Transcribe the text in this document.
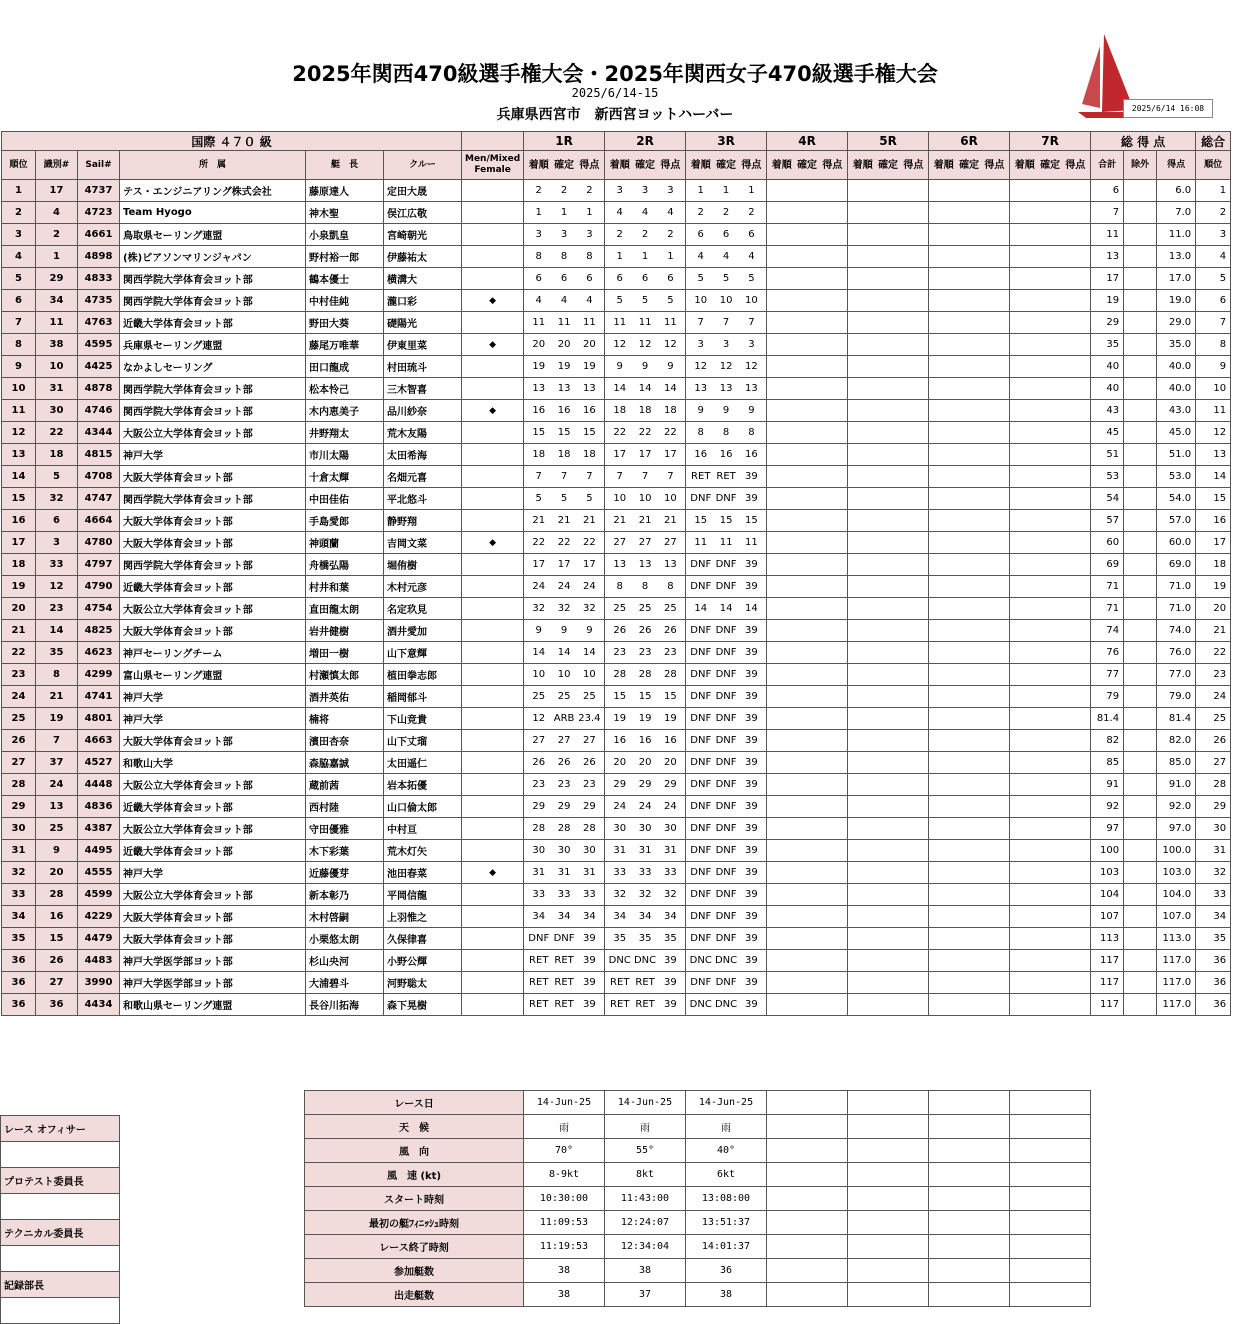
2025年関西470級選手権大会・2025年関西女子470級選手権大会
2025/6/14-15
兵庫県西宮市　新西宮ヨットハーバー	2025/6/14 16:08
国際 ４７０ 級							1R	2R	3R	4R	5R	6R	7R	総 得 点			総合
順位	識別#	Sail#	所　属	艇　長	クルー	Men/Mixed Female	着順 確定 得点	着順 確定 得点	着順 確定 得点	着順 確定 得点	着順 確定 得点	着順 確定 得点	着順 確定 得点	合計	除外	得点	順位
1	17	4737	テス・エンジニアリング株式会社	藤原達人	定田大晟		2 2 2	3 3 3	1 1 1					6		6.0	1
2	4	4723	Team Hyogo	神木聖	俣江広敬		1 1 1	4 4 4	2 2 2					7		7.0	2
3	2	4661	鳥取県セーリング連盟	小泉凱皇	宮崎朝光		3 3 3	2 2 2	6 6 6					11		11.0	3
4	1	4898	(株)ピアソンマリンジャパン	野村裕一郎	伊藤祐太		8 8 8	1 1 1	4 4 4					13		13.0	4
5	29	4833	関西学院大学体育会ヨット部	鶴本優士	横溝大		6 6 6	6 6 6	5 5 5					17		17.0	5
6	34	4735	関西学院大学体育会ヨット部	中村佳純	瀧口彩	◆	4 4 4	5 5 5	10 10 10					19		19.0	6
7	11	4763	近畿大学体育会ヨット部	野田大葵	礎陽光		11 11 11	11 11 11	7 7 7					29		29.0	7
8	38	4595	兵庫県セーリング連盟	藤尾万唯華	伊東里菜	◆	20 20 20	12 12 12	3 3 3					35		35.0	8
9	10	4425	なかよしセーリング	田口龍成	村田琉斗		19 19 19	9 9 9	12 12 12					40		40.0	9
10	31	4878	関西学院大学体育会ヨット部	松本怜己	三木智喜		13 13 13	14 14 14	13 13 13					40		40.0	10
11	30	4746	関西学院大学体育会ヨット部	木内恵美子	品川紗奈	◆	16 16 16	18 18 18	9 9 9					43		43.0	11
12	22	4344	大阪公立大学体育会ヨット部	井野翔太	荒木友陽		15 15 15	22 22 22	8 8 8					45		45.0	12
13	18	4815	神戸大学	市川太陽	太田希海		18 18 18	17 17 17	16 16 16					51		51.0	13
14	5	4708	大阪大学体育会ヨット部	十倉太輝	名畑元喜		7 7 7	7 7 7	RET RET 39					53		53.0	14
15	32	4747	関西学院大学体育会ヨット部	中田佳佑	平北悠斗		5 5 5	10 10 10	DNF DNF 39					54		54.0	15
16	6	4664	大阪大学体育会ヨット部	手島愛郎	静野翔		21 21 21	21 21 21	15 15 15					57		57.0	16
17	3	4780	大阪大学体育会ヨット部	神頭蘭	吉岡文菜	◆	22 22 22	27 27 27	11 11 11					60		60.0	17
18	33	4797	関西学院大学体育会ヨット部	舟橋弘陽	堀侑樹		17 17 17	13 13 13	DNF DNF 39					69		69.0	18
19	12	4790	近畿大学体育会ヨット部	村井和葉	木村元彦		24 24 24	8 8 8	DNF DNF 39					71		71.0	19
20	23	4754	大阪公立大学体育会ヨット部	直田龍太朗	名定玖見		32 32 32	25 25 25	14 14 14					71		71.0	20
21	14	4825	大阪大学体育会ヨット部	岩井健樹	酒井愛加		9 9 9	26 26 26	DNF DNF 39					74		74.0	21
22	35	4623	神戸セーリングチーム	増田一樹	山下意輝		14 14 14	23 23 23	DNF DNF 39					76		76.0	22
23	8	4299	富山県セーリング連盟	村瀬慎太郎	植田拳志郎		10 10 10	28 28 28	DNF DNF 39					77		77.0	23
24	21	4741	神戸大学	酒井英佑	稲岡郁斗		25 25 25	15 15 15	DNF DNF 39					79		79.0	24
25	19	4801	神戸大学	楠将	下山竞貴		12 ARB 23.4	19 19 19	DNF DNF 39					81.4		81.4	25
26	7	4663	大阪大学体育会ヨット部	濱田杏奈	山下丈瑠		27 27 27	16 16 16	DNF DNF 39					82		82.0	26
27	37	4527	和歌山大学	森脇嘉誠	太田遥仁		26 26 26	20 20 20	DNF DNF 39					85		85.0	27
28	24	4448	大阪公立大学体育会ヨット部	蔵前茜	岩本拓優		23 23 23	29 29 29	DNF DNF 39					91		91.0	28
29	13	4836	近畿大学体育会ヨット部	西村陸	山口倫太郎		29 29 29	24 24 24	DNF DNF 39					92		92.0	29
30	25	4387	大阪公立大学体育会ヨット部	守田優雅	中村亘		28 28 28	30 30 30	DNF DNF 39					97		97.0	30
31	9	4495	近畿大学体育会ヨット部	木下彩葉	荒木灯矢		30 30 30	31 31 31	DNF DNF 39					100		100.0	31
32	20	4555	神戸大学	近藤優芽	池田春菜	◆	31 31 31	33 33 33	DNF DNF 39					103		103.0	32
33	28	4599	大阪公立大学体育会ヨット部	新本彰乃	平岡信龍		33 33 33	32 32 32	DNF DNF 39					104		104.0	33
34	16	4229	大阪大学体育会ヨット部	木村啓嗣	上羽惟之		34 34 34	34 34 34	DNF DNF 39					107		107.0	34
35	15	4479	大阪大学体育会ヨット部	小栗悠太朗	久保律喜		DNF DNF 39	35 35 35	DNF DNF 39					113		113.0	35
36	26	4483	神戸大学医学部ヨット部	杉山央河	小野公輝		RET RET 39	DNC DNC 39	DNC DNC 39					117		117.0	36
36	27	3990	神戸大学医学部ヨット部	大浦碧斗	河野聡太		RET RET 39	RET RET 39	DNF DNF 39					117		117.0	36
36	36	4434	和歌山県セーリング連盟	長谷川拓海	森下晃樹		RET RET 39	RET RET 39	DNC DNC 39					117		117.0	36
レース オフィサー

プロテスト委員長

テクニカル委員長

記録部長

レース日	14-Jun-25	14-Jun-25	14-Jun-25				
天　候	雨	雨	雨				
風　向	70°	55°	40°				
風　速 (kt)	8-9kt	8kt	6kt				
スタート時刻	10:30:00	11:43:00	13:08:00				
最初の艇ﾌｨﾆｯｼｭ時刻	11:09:53	12:24:07	13:51:37				
レース終了時刻	11:19:53	12:34:04	14:01:37				
参加艇数	38	38	36				
出走艇数	38	37	38				
